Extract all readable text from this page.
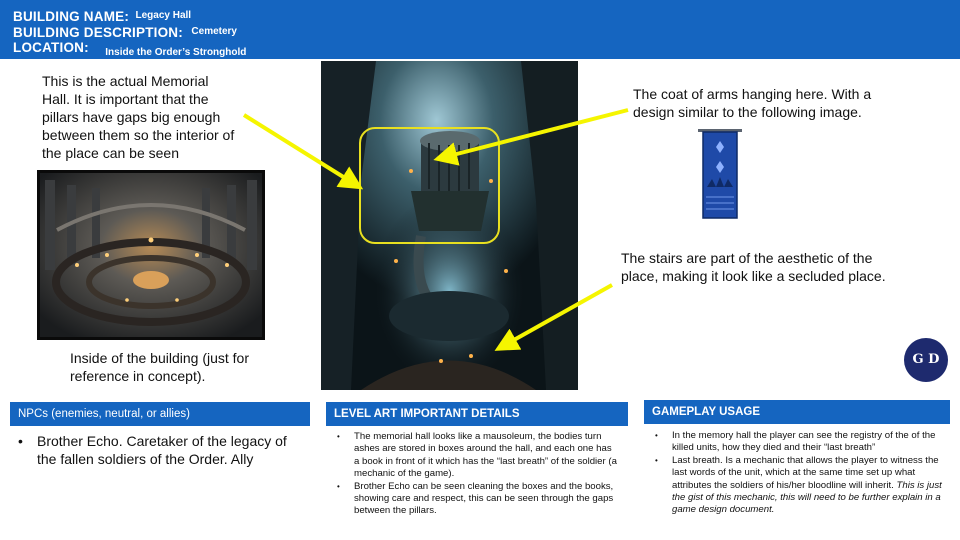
BUILDING NAME: Legacy Hall
BUILDING DESCRIPTION: Cemetery
LOCATION: Inside the Order’s Stronghold
This is the actual Memorial Hall. It is important that the pillars have gaps big enough between them so the interior of the place can be seen
Inside of the building (just for reference in concept).
The coat of arms hanging here. With a design similar to the following image.
The stairs are part of the aesthetic of the place, making it look like a secluded place.
G D
NPCs (enemies, neutral, or allies)
• Brother Echo. Caretaker of the legacy of the fallen soldiers of the Order. Ally
LEVEL ART IMPORTANT DETAILS
• The memorial hall looks like a mausoleum, the bodies turn ashes are stored in boxes around the hall, and each one has a book in front of it which has the “last breath” of the soldier (a mechanic of the game).
• Brother Echo can be seen cleaning the boxes and the books, showing care and respect, this can be seen through the gaps between the pillars.
GAMEPLAY USAGE
• In the memory hall the player can see the registry of the of the killed units, how they died and their “last breath”
• Last breath. Is a mechanic that allows the player to witness the last words of the unit, which at the same time set up what attributes the soldiers of his/her bloodline will inherit. This is just the gist of this mechanic, this will need to be further explain in a game design document.
